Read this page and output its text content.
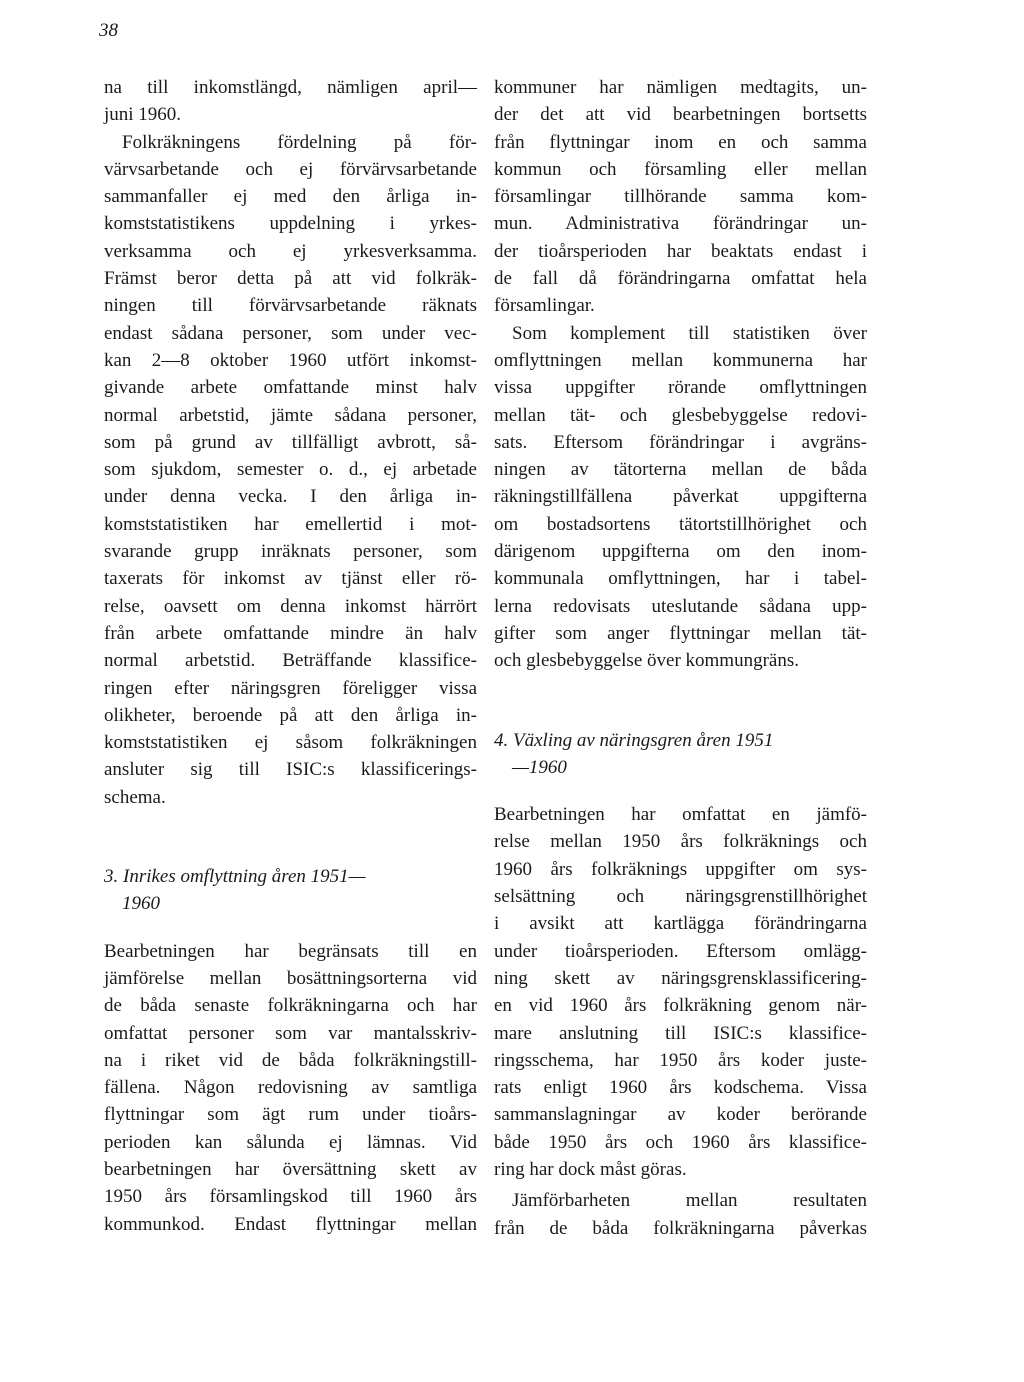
38
na till inkomstlängd, nämligen april—
juni 1960.
Folkräkningens fördelning på för-
värvsarbetande och ej förvärvsarbetande
sammanfaller ej med den årliga in-
komststatistikens uppdelning i yrkes-
verksamma och ej yrkesverksamma.
Främst beror detta på att vid folkräk-
ningen till förvärvsarbetande räknats
endast sådana personer, som under vec-
kan 2—8 oktober 1960 utfört inkomst-
givande arbete omfattande minst halv
normal arbetstid, jämte sådana personer,
som på grund av tillfälligt avbrott, så-
som sjukdom, semester o. d., ej arbetade
under denna vecka. I den årliga in-
komststatistiken har emellertid i mot-
svarande grupp inräknats personer, som
taxerats för inkomst av tjänst eller rö-
relse, oavsett om denna inkomst härrört
från arbete omfattande mindre än halv
normal arbetstid. Beträffande klassifice-
ringen efter näringsgren föreligger vissa
olikheter, beroende på att den årliga in-
komststatistiken ej såsom folkräkningen
ansluter sig till ISIC:s klassificerings-
schema.
3. Inrikes omflyttning åren 1951—
1960
Bearbetningen har begränsats till en
jämförelse mellan bosättningsorterna vid
de båda senaste folkräkningarna och har
omfattat personer som var mantalsskriv-
na i riket vid de båda folkräkningstill-
fällena. Någon redovisning av samtliga
flyttningar som ägt rum under tioårs-
perioden kan sålunda ej lämnas. Vid
bearbetningen har översättning skett av
1950 års församlingskod till 1960 års
kommunkod. Endast flyttningar mellan
kommuner har nämligen medtagits, un-
der det att vid bearbetningen bortsetts
från flyttningar inom en och samma
kommun och församling eller mellan
församlingar tillhörande samma kom-
mun. Administrativa förändringar un-
der tioårsperioden har beaktats endast i
de fall då förändringarna omfattat hela
församlingar.
Som komplement till statistiken över
omflyttningen mellan kommunerna har
vissa uppgifter rörande omflyttningen
mellan tät- och glesbebyggelse redovi-
sats. Eftersom förändringar i avgräns-
ningen av tätorterna mellan de båda
räkningstillfällena påverkat uppgifterna
om bostadsortens tätortstillhörighet och
därigenom uppgifterna om den inom-
kommunala omflyttningen, har i tabel-
lerna redovisats uteslutande sådana upp-
gifter som anger flyttningar mellan tät-
och glesbebyggelse över kommungräns.
4. Växling av näringsgren åren 1951
—1960
Bearbetningen har omfattat en jämfö-
relse mellan 1950 års folkräknings och
1960 års folkräknings uppgifter om sys-
selsättning och näringsgrenstillhörighet
i avsikt att kartlägga förändringarna
under tioårsperioden. Eftersom omlägg-
ning skett av näringsgrensklassificering-
en vid 1960 års folkräkning genom när-
mare anslutning till ISIC:s klassifice-
ringsschema, har 1950 års koder juste-
rats enligt 1960 års kodschema. Vissa
sammanslagningar av koder berörande
både 1950 års och 1960 års klassifice-
ring har dock måst göras.
Jämförbarheten mellan resultaten
från de båda folkräkningarna påverkas
